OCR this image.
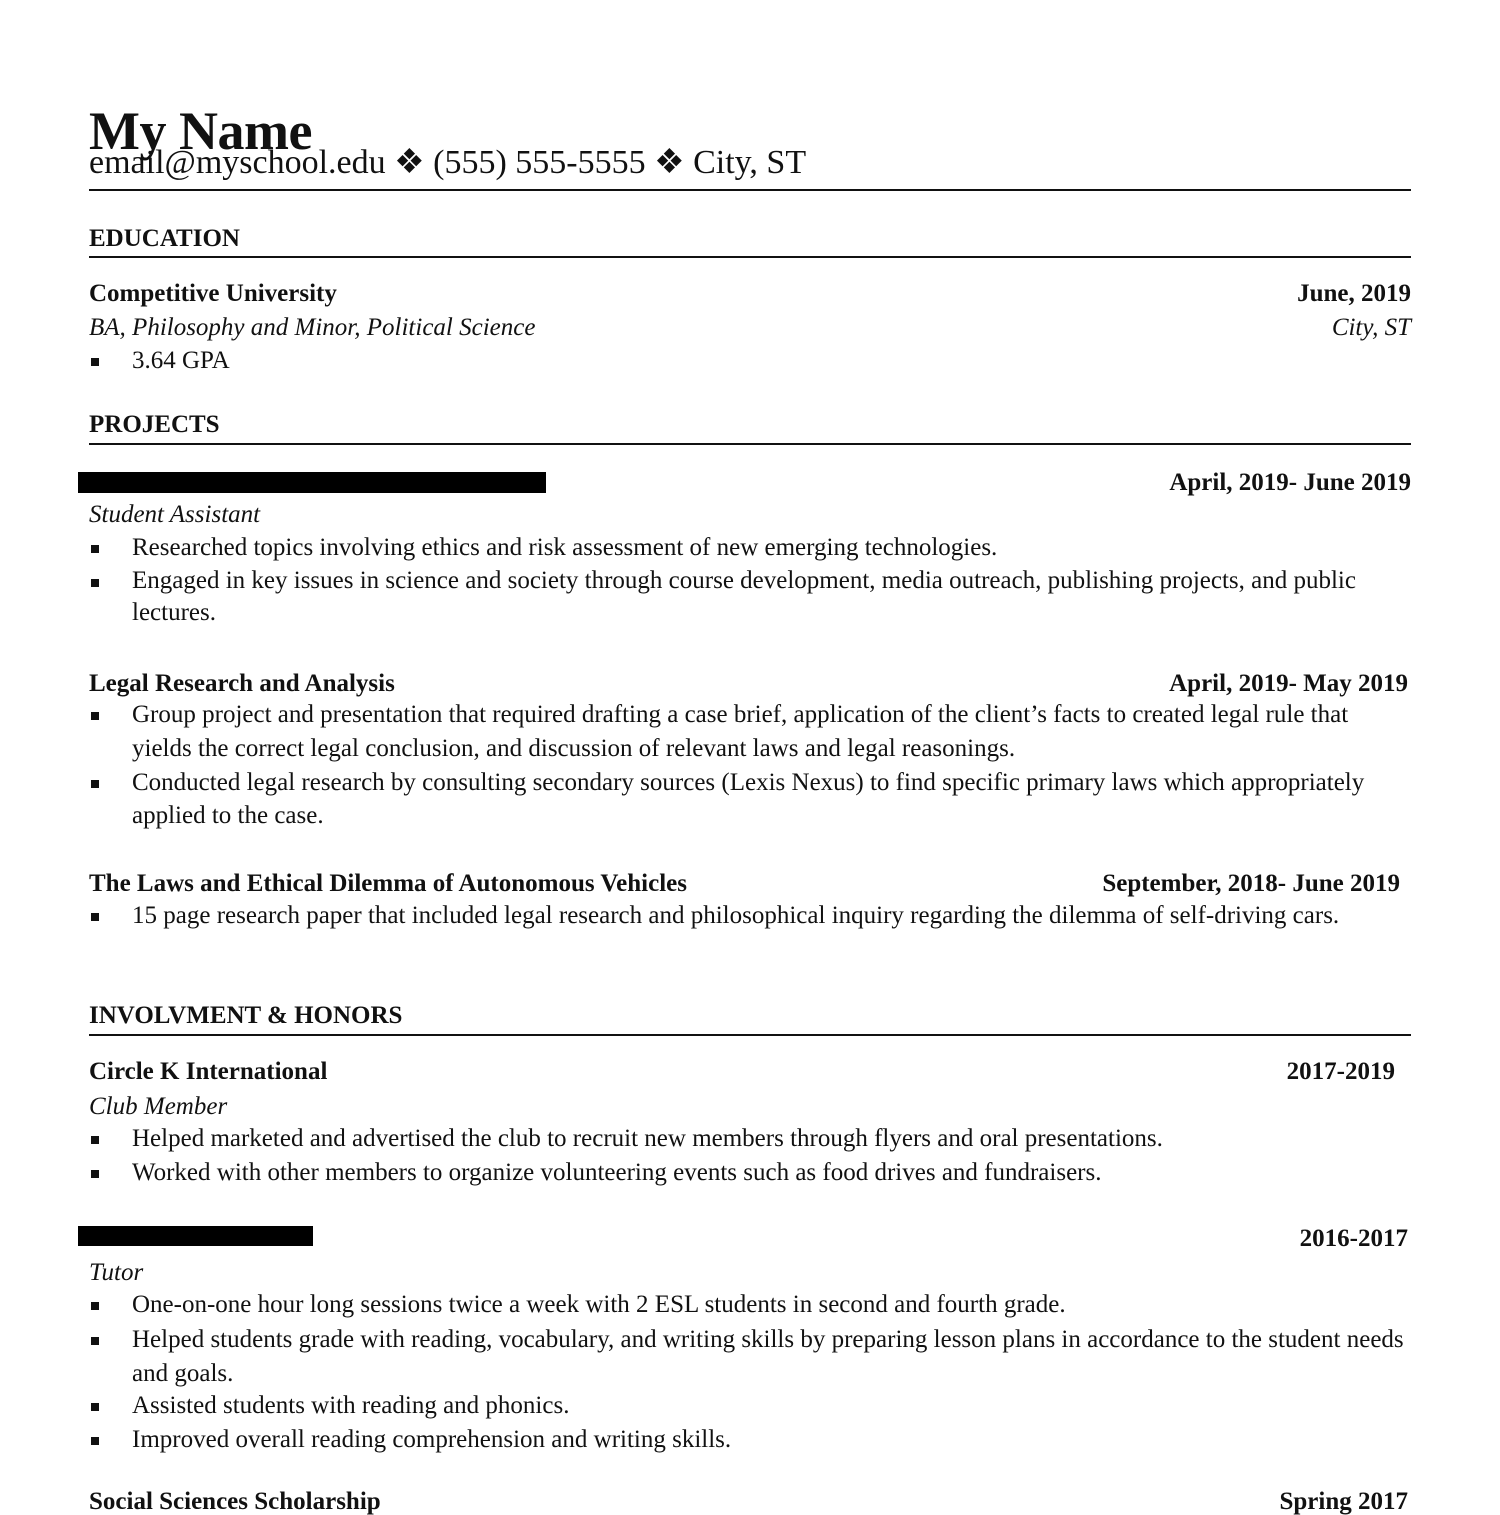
My Name
email@myschool.edu ❖ (555) 555-5555 ❖ City, ST
EDUCATION
Competitive University	June, 2019
BA, Philosophy and Minor, Political Science	City, ST
3.64 GPA
PROJECTS
April, 2019- June 2019
Student Assistant
Researched topics involving ethics and risk assessment of new emerging technologies.
Engaged in key issues in science and society through course development, media outreach, publishing projects, and public lectures.
Legal Research and Analysis	April, 2019- May 2019
Group project and presentation that required drafting a case brief, application of the client’s facts to created legal rule that yields the correct legal conclusion, and discussion of relevant laws and legal reasonings.
Conducted legal research by consulting secondary sources (Lexis Nexus) to find specific primary laws which appropriately applied to the case.
The Laws and Ethical Dilemma of Autonomous Vehicles	September, 2018- June 2019
15 page research paper that included legal research and philosophical inquiry regarding the dilemma of self-driving cars.
INVOLVMENT & HONORS
Circle K International	2017-2019
Club Member
Helped marketed and advertised the club to recruit new members through flyers and oral presentations.
Worked with other members to organize volunteering events such as food drives and fundraisers.
2016-2017
Tutor
One-on-one hour long sessions twice a week with 2 ESL students in second and fourth grade.
Helped students grade with reading, vocabulary, and writing skills by preparing lesson plans in accordance to the student needs and goals.
Assisted students with reading and phonics.
Improved overall reading comprehension and writing skills.
Social Sciences Scholarship	Spring 2017
